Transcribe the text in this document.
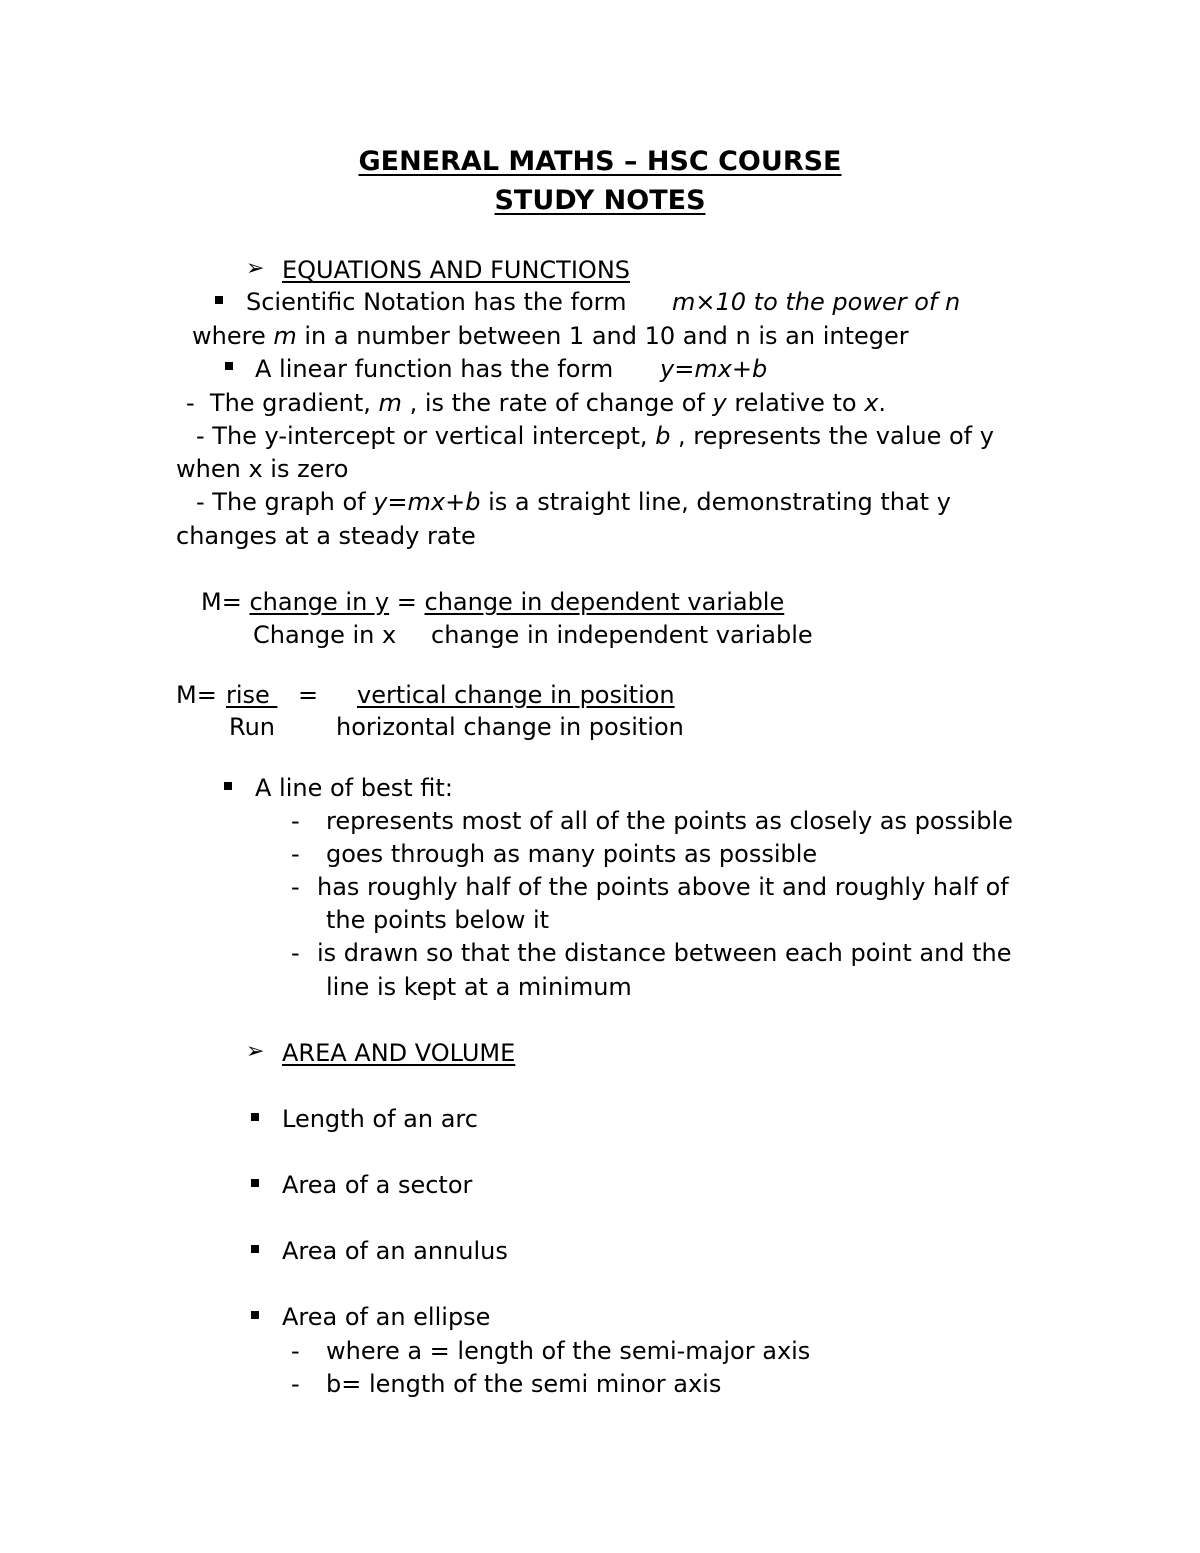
GENERAL MATHS – HSC COURSE
STUDY NOTES
➢ EQUATIONS AND FUNCTIONS
Scientific Notation has the form m×10 to the power of n
where m in a number between 1 and 10 and n is an integer
A linear function has the form y=mx+b
-  The gradient, m , is the rate of change of y relative to x.
- The y-intercept or vertical intercept, b , represents the value of y
when x is zero
- The graph of y=mx+b is a straight line, demonstrating that y
changes at a steady rate
M= change in y = change in dependent variable
Change in x change in independent variable
M= rise = vertical change in position
Run	horizontal change in position
A line of best fit:
- represents most of all of the points as closely as possible
- goes through as many points as possible
- has roughly half of the points above it and roughly half of
the points below it
- is drawn so that the distance between each point and the
line is kept at a minimum
➢ AREA AND VOLUME
Length of an arc
Area of a sector
Area of an annulus
Area of an ellipse
- where a = length of the semi-major axis
- b= length of the semi minor axis
